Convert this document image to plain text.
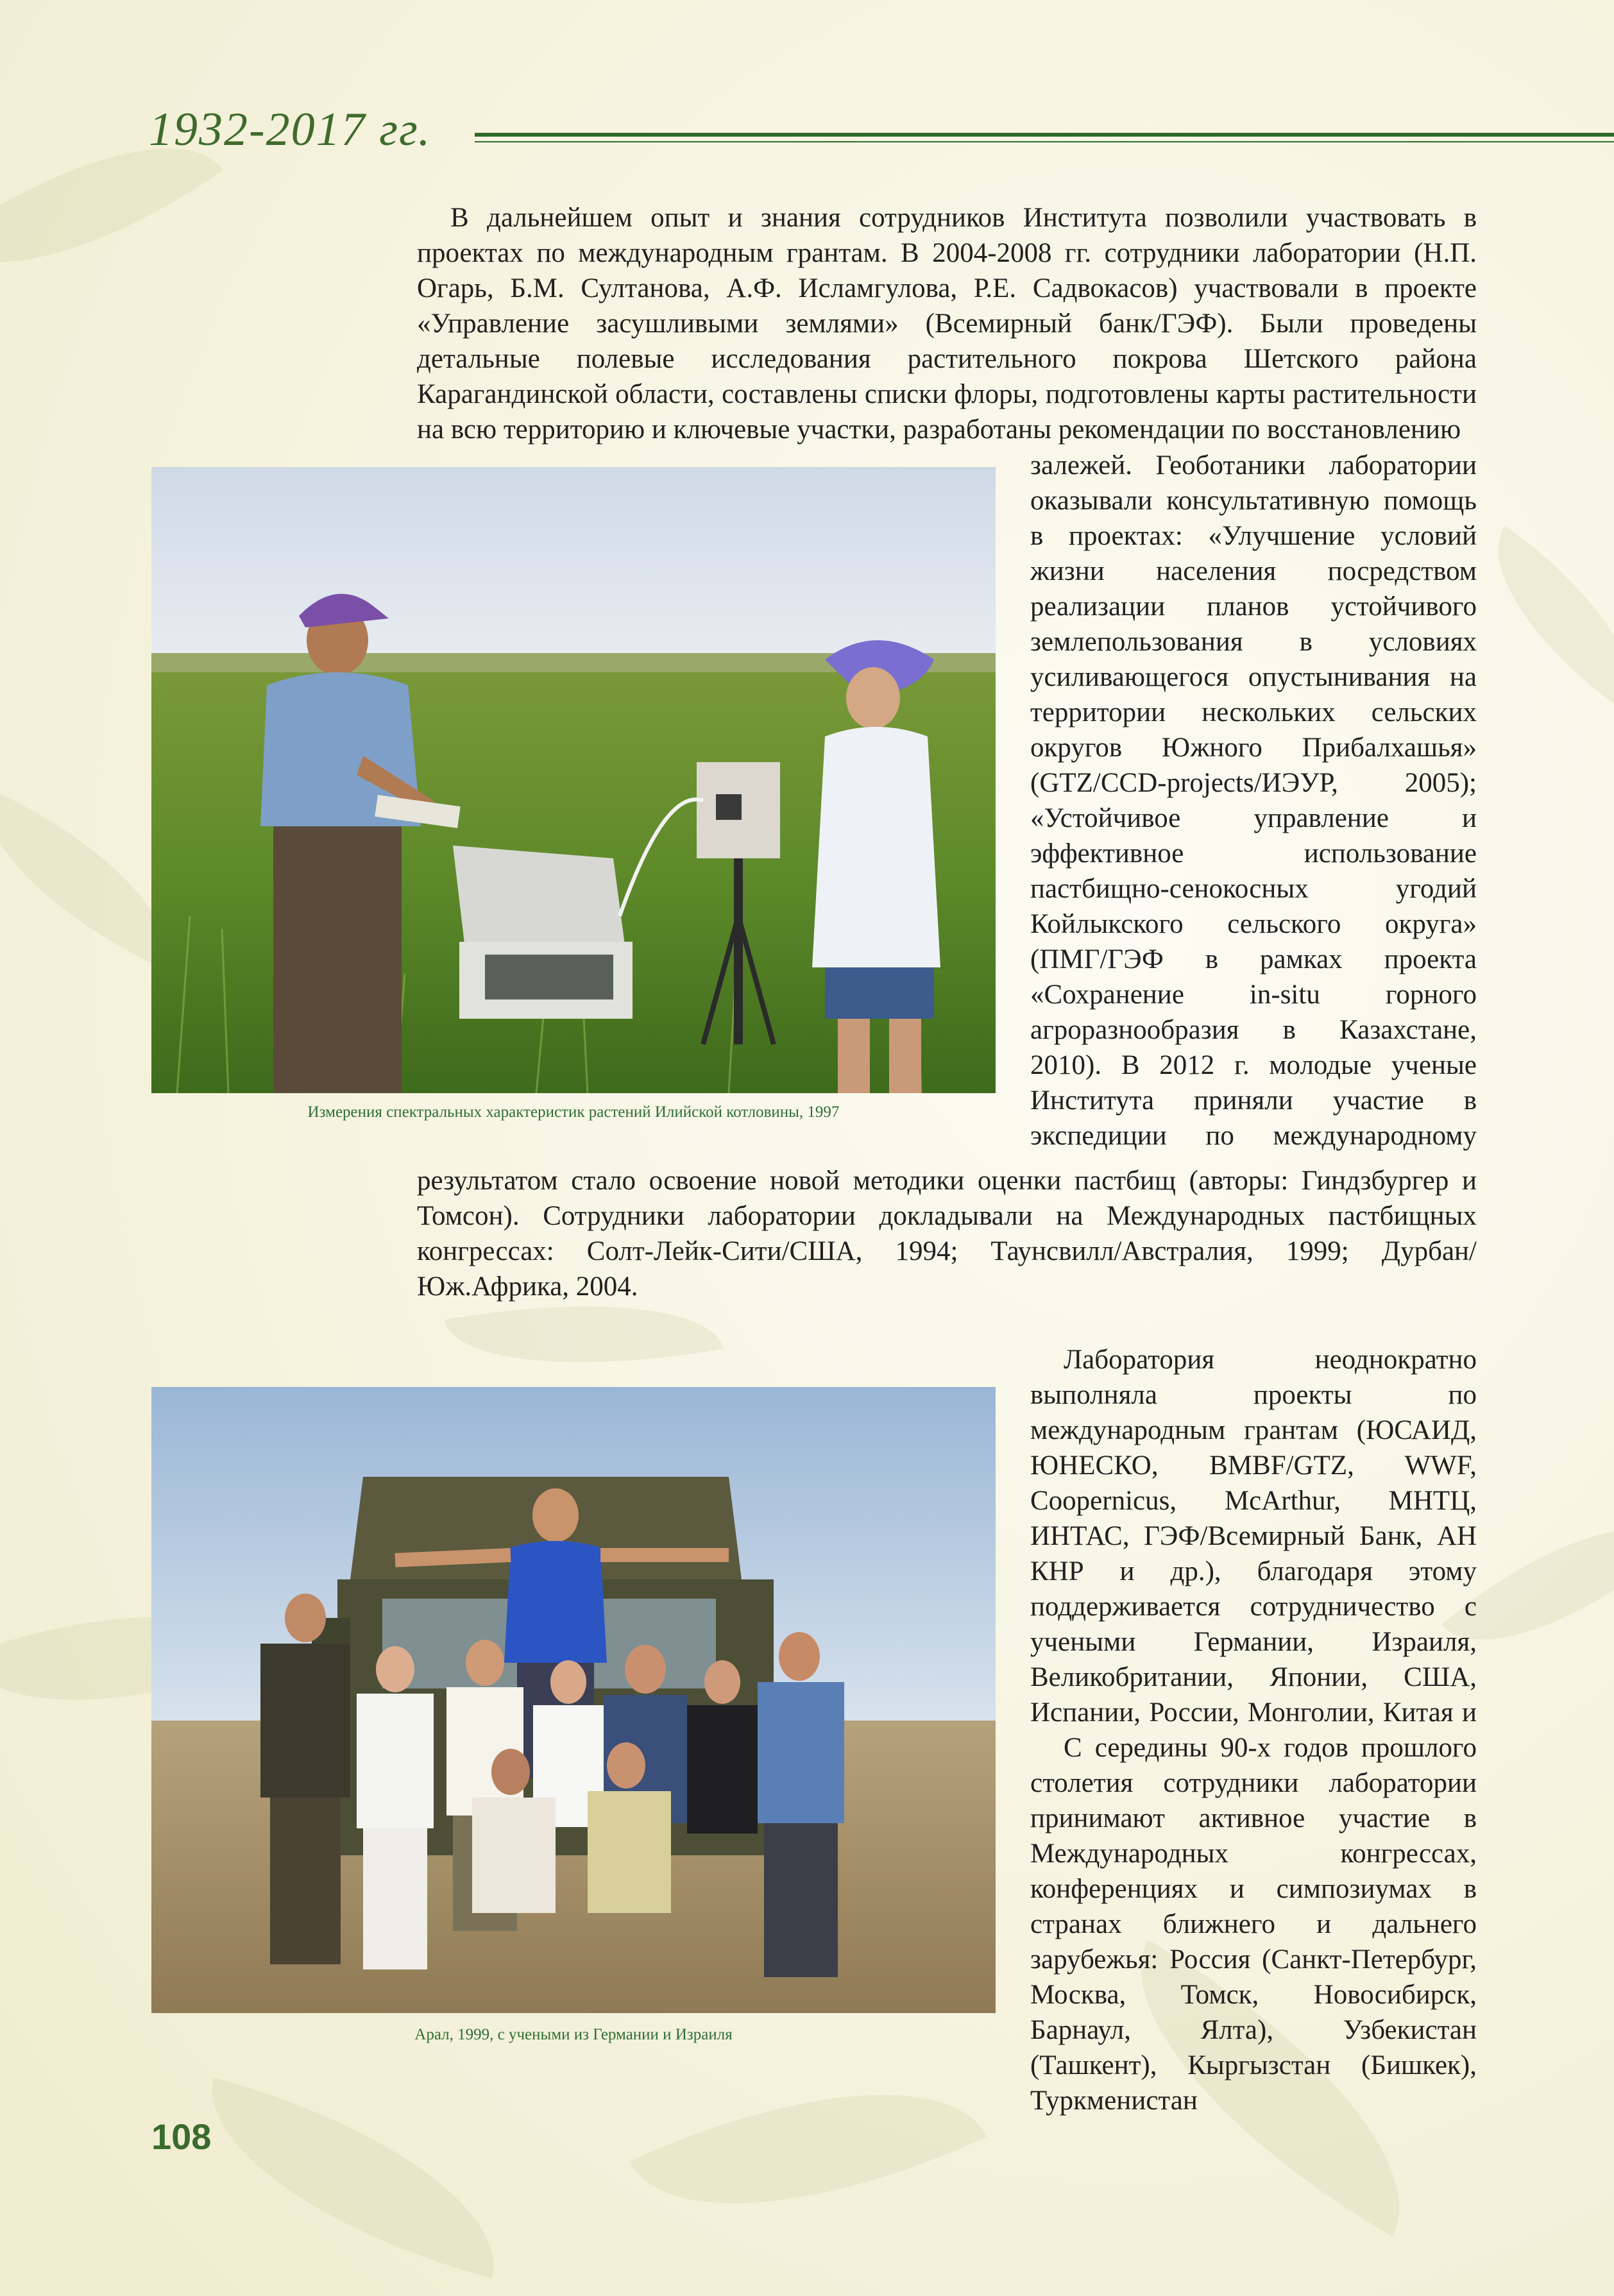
1932-2017 гг.

В дальнейшем опыт и знания сотрудников Института позволили участвовать в проектах по международным грантам. В 2004-2008 гг. сотрудники лаборатории (Н.П. Огарь, Б.М. Султанова, А.Ф. Исламгулова, Р.Е. Садвокасов) участвовали в проекте «Управление засушливыми землями» (Всемирный банк/ГЭФ). Были проведены детальные полевые исследования растительного покрова Шетского района Карагандинской области, составлены списки флоры, подготовлены карты растительности на всю территорию и ключевые участки, разработаны рекомендации по восстановлению

Измерения спектральных характеристик растений Илийской котловины, 1997

залежей. Геоботаники лаборатории оказывали консультативную помощь в проектах: «Улучшение условий жизни населения посредством реализации планов устойчивого землепользования в условиях усиливающегося опустынивания на территории нескольких сельских округов Южного Прибалхашья» (GTZ/CCD-projects/ИЭУР, 2005); «Устойчивое управление и эффективное использование пастбищно-сенокосных угодий Койлыкского сельского округа» (ПМГ/ГЭФ в рамках проекта «Сохранение in-situ горного агроразнообразия в Казахстане, 2010). В 2012 г. молодые ученые Института приняли участие в экспедиции по международному

результатом стало освоение новой методики оценки пастбищ (авторы: Гиндзбургер и Томсон). Сотрудники лаборатории докладывали на Международных пастбищных конгрессах: Солт-Лейк-Сити/США, 1994; Таунсвилл/Австралия, 1999; Дурбан/Юж.Африка, 2004.

Арал, 1999, с учеными из Германии и Израиля

Лаборатория неоднократно выполняла проекты по международным грантам (ЮСАИД, ЮНЕСКО, BMBF/GTZ, WWF, Coopernicus, McArthur, МНТЦ, ИНТАС, ГЭФ/Всемирный Банк, АН КНР и др.), благодаря этому поддерживается сотрудничество с учеными Германии, Израиля, Великобритании, Японии, США, Испании, России, Монголии, Китая и

С середины 90-х годов прошлого столетия сотрудники лаборатории принимают активное участие в Международных конгрессах, конференциях и симпозиумах в странах ближнего и дальнего зарубежья: Россия (Санкт-Петербург, Москва, Томск, Новосибирск, Барнаул, Ялта), Узбекистан (Ташкент), Кыргызстан (Бишкек), Туркменистан

108
